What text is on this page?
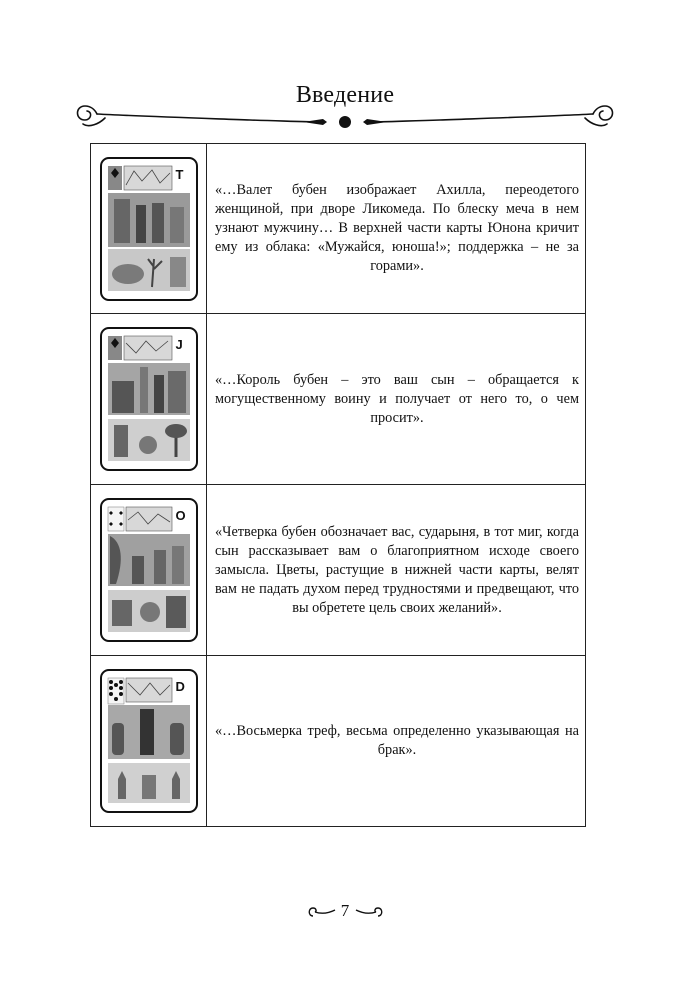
Введение
T	«…Валет бубен изображает Ахилла, переодетого женщиной, при дворе Ликомеда. По блеску меча в нем узнают мужчину… В верхней части карты Юнона кричит ему из облака: «Мужайся, юноша!»; поддержка – не за горами».

J	«…Король бубен – это ваш сын – обращается к могущественному воину и получает от него то, о чем просит».

O	«Четверка бубен обозначает вас, сударыня, в тот миг, когда сын рассказывает вам о благоприятном исходе своего замысла. Цветы, растущие в нижней части карты, велят вам не падать духом перед трудностями и предвещают, что вы обретете цель своих желаний».

D	«…Восьмерка треф, весьма определенно указывающая на брак».

7
